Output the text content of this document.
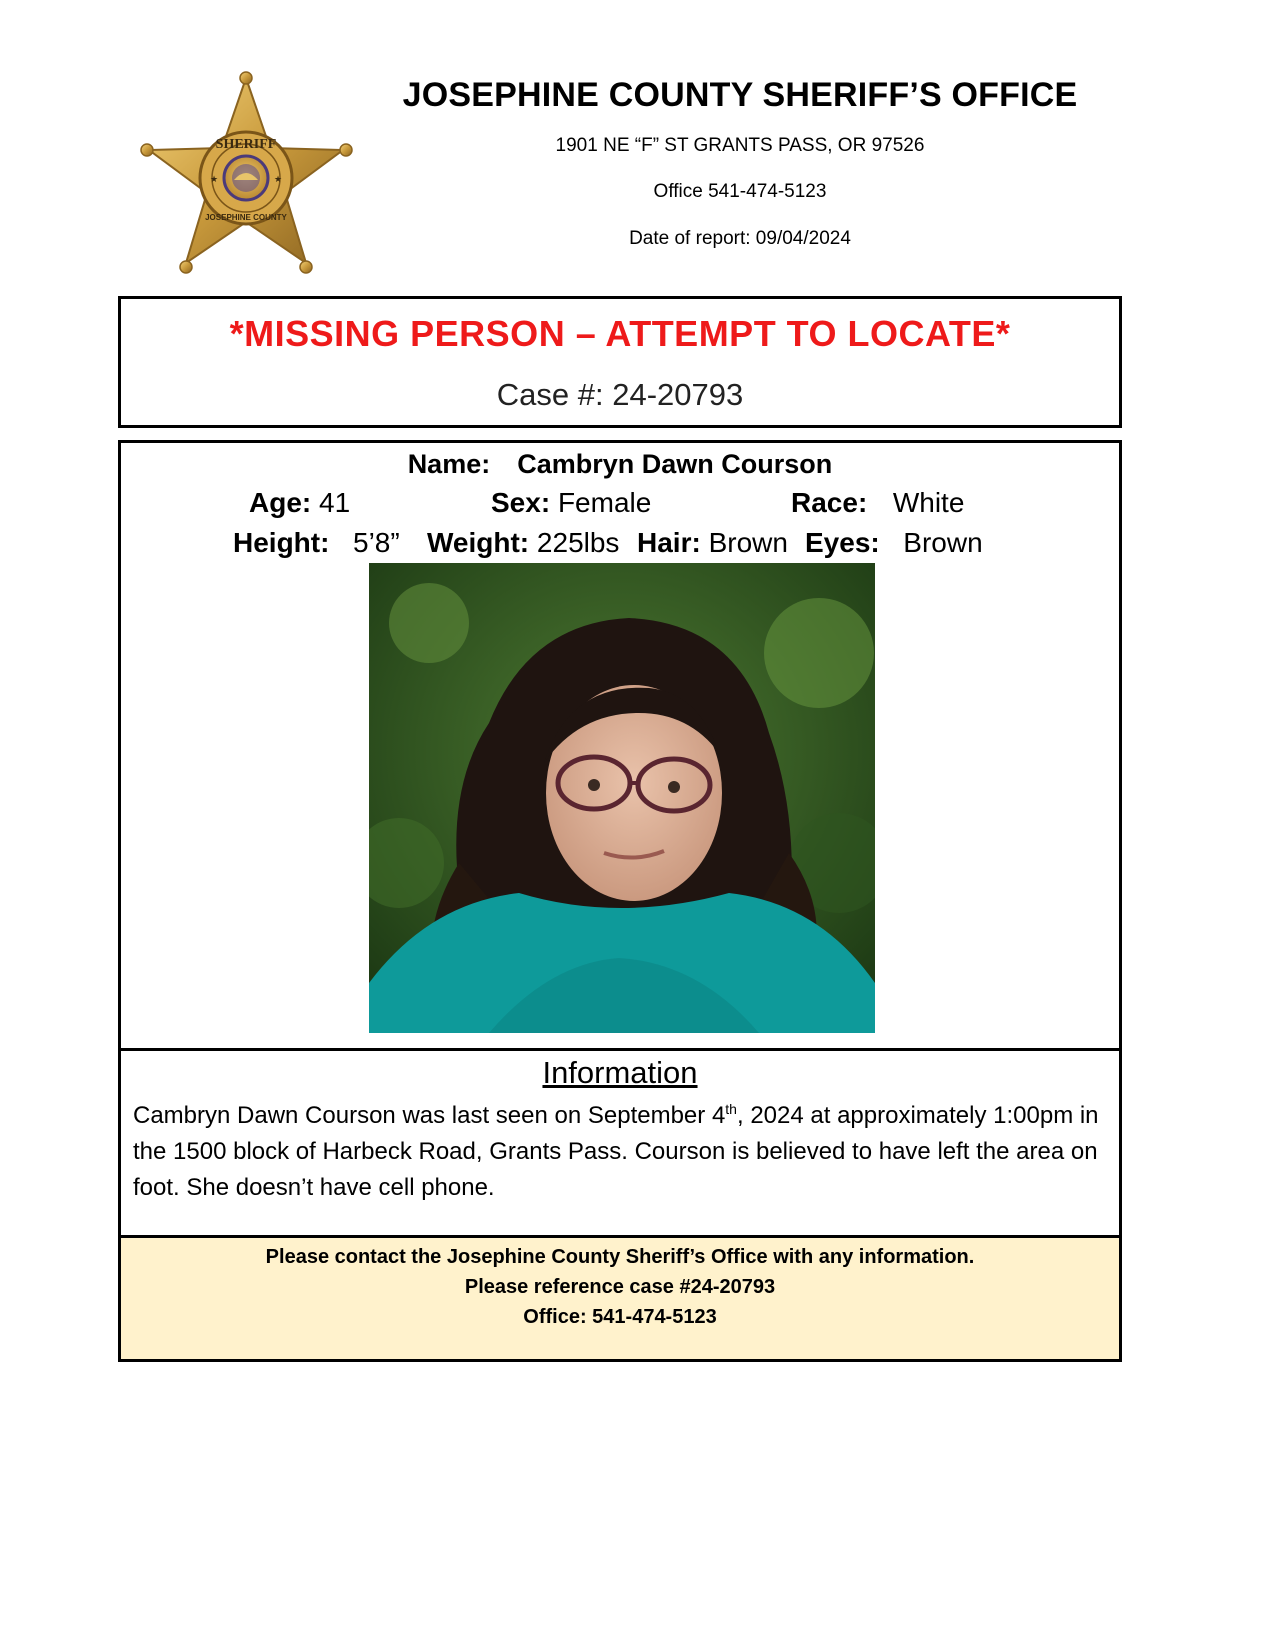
SHERIFF
JOSEPHINE COUNTY
★	★

JOSEPHINE COUNTY SHERIFF’S OFFICE

1901 NE “F” ST GRANTS PASS, OR 97526

Office 541-474-5123

Date of report: 09/04/2024

*MISSING PERSON – ATTEMPT TO LOCATE*
Case #: 24-20793
Name: Cambryn Dawn Courson
Age: 41	Sex: Female	Race: White
Height: 5’8” Weight: 225lbs Hair: Brown Eyes: Brown
Information
Cambryn Dawn Courson was last seen on September 4th, 2024 at approximately 1:00pm in the 1500 block of Harbeck Road, Grants Pass. Courson is believed to have left the area on foot. She doesn’t have cell phone.
Please contact the Josephine County Sheriff’s Office with any information.
Please reference case #24-20793
Office: 541-474-5123
